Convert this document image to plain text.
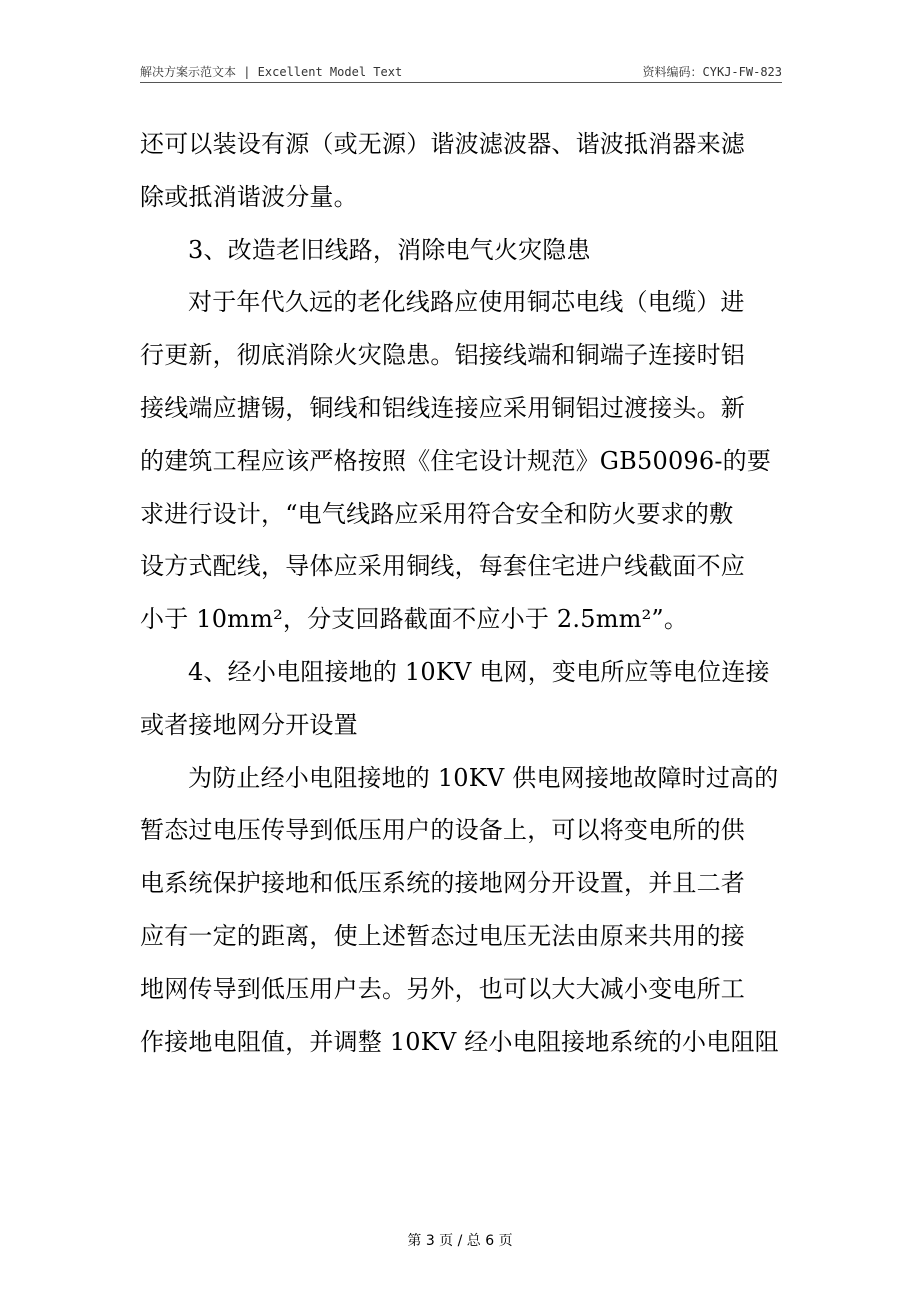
解决方案示范文本 | Excellent Model Text	资料编码：CYKJ-FW-823

还可以装设有源（或无源）谐波滤波器、谐波抵消器来滤
除或抵消谐波分量。

3、改造老旧线路，消除电气火灾隐患

对于年代久远的老化线路应使用铜芯电线（电缆）进
行更新，彻底消除火灾隐患。铝接线端和铜端子连接时铝
接线端应搪锡，铜线和铝线连接应采用铜铝过渡接头。新
的建筑工程应该严格按照《住宅设计规范》GB50096-的要
求进行设计，“电气线路应采用符合安全和防火要求的敷
设方式配线，导体应采用铜线，每套住宅进户线截面不应
小于 10mm²，分支回路截面不应小于 2.5mm²”。

4、经小电阻接地的 10KV 电网，变电所应等电位连接
或者接地网分开设置

为防止经小电阻接地的 10KV 供电网接地故障时过高的
暂态过电压传导到低压用户的设备上，可以将变电所的供
电系统保护接地和低压系统的接地网分开设置，并且二者
应有一定的距离，使上述暂态过电压无法由原来共用的接
地网传导到低压用户去。另外，也可以大大减小变电所工
作接地电阻值，并调整 10KV 经小电阻接地系统的小电阻阻

第 3 页 / 总 6 页
